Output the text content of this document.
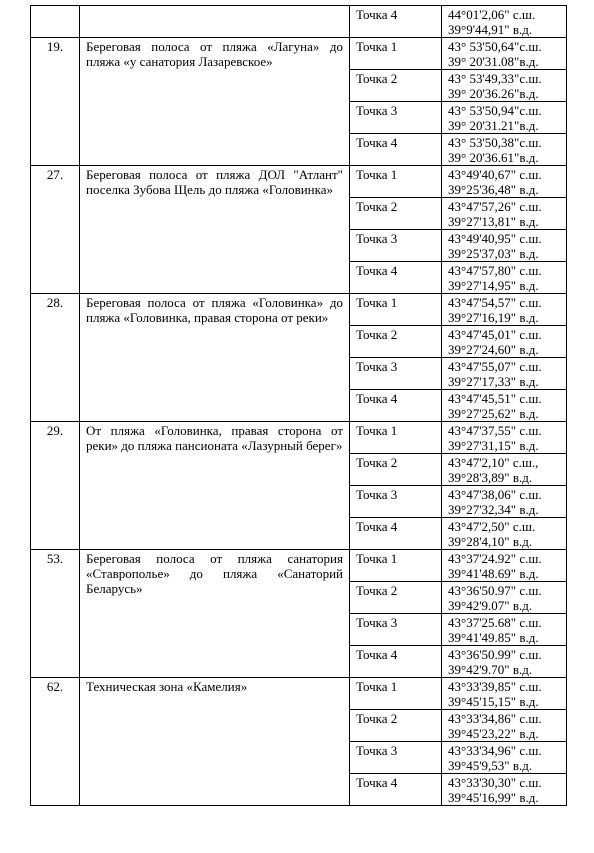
		Точка 4	44°01'2,06" с.ш.
39°9'44,91" в.д.

19.	Береговая полоса от пляжа «Лагуна» до пляжа «у санатория Лазаревское»	Точка 1	43° 53'50,64"с.ш.
39° 20'31.08"в.д.

		Точка 2	43° 53'49,33"с.ш.
39° 20'36.26"в.д.

		Точка 3	43° 53'50,94"с.ш.
39° 20'31.21"в.д.

		Точка 4	43° 53'50,38"с.ш.
39° 20'36.61"в.д.

27.	Береговая полоса от пляжа ДОЛ "Атлант" поселка Зубова Щель до пляжа «Головинка»	Точка 1	43°49'40,67" с.ш.
39°25'36,48" в.д.

		Точка 2	43°47'57,26" с.ш.
39°27'13,81" в.д.

		Точка 3	43°49'40,95" с.ш.
39°25'37,03" в.д.

		Точка 4	43°47'57,80" с.ш.
39°27'14,95" в.д.

28.	Береговая полоса от пляжа «Головинка» до пляжа «Головинка, правая сторона от реки»	Точка 1	43°47'54,57" с.ш.
39°27'16,19" в.д.

		Точка 2	43°47'45,01" с.ш.
39°27'24,60" в.д.

		Точка 3	43°47'55,07" с.ш.
39°27'17,33" в.д.

		Точка 4	43°47'45,51" с.ш.
39°27'25,62" в.д.

29.	От пляжа «Головинка, правая сторона от реки» до пляжа пансионата «Лазурный берег»	Точка 1	43°47'37,55" с.ш.
39°27'31,15" в.д.

		Точка 2	43°47'2,10" с.ш.,
39°28'3,89" в.д.

		Точка 3	43°47'38,06" с.ш.
39°27'32,34" в.д.

		Точка 4	43°47'2,50" с.ш.
39°28'4,10" в.д.

53.	Береговая полоса от пляжа санатория «Ставрополье» до пляжа «Санаторий Беларусь»	Точка 1	43°37'24.92" с.ш.
39°41'48.69" в.д.

		Точка 2	43°36'50.97" с.ш.
39°42'9.07" в.д.

		Точка 3	43°37'25.68" с.ш.
39°41'49.85" в.д.

		Точка 4	43°36'50.99" с.ш.
39°42'9.70" в.д.

62.	Техническая зона «Камелия»	Точка 1	43°33'39,85" с.ш.
39°45'15,15" в.д.

		Точка 2	43°33'34,86" с.ш.
39°45'23,22" в.д.

		Точка 3	43°33'34,96" с.ш.
39°45'9,53" в.д.

		Точка 4	43°33'30,30" с.ш.
39°45'16,99" в.д.
